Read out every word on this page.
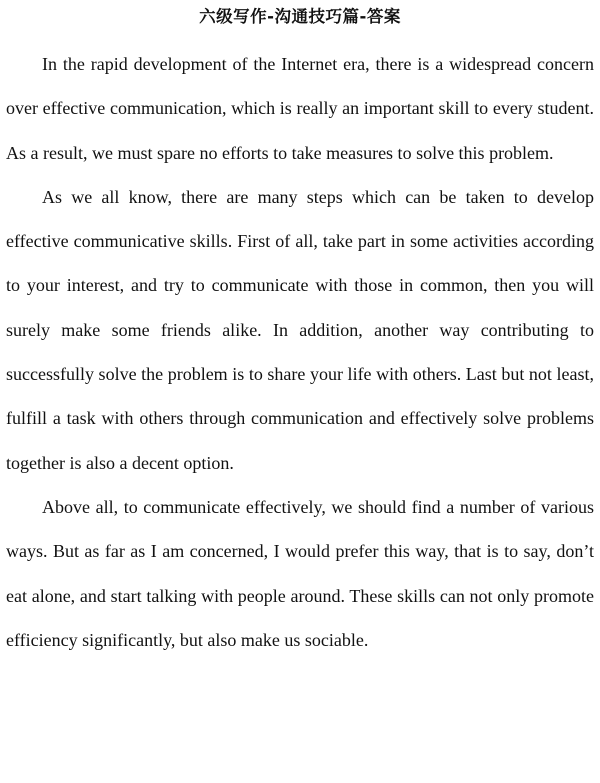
六级写作-沟通技巧篇-答案

In the rapid development of the Internet era, there is a widespread concern over effective communication, which is really an important skill to every student. As a result, we must spare no efforts to take measures to solve this problem.

As we all know, there are many steps which can be taken to develop effective communicative skills. First of all, take part in some activities according to your interest, and try to communicate with those in common, then you will surely make some friends alike. In addition, another way contributing to successfully solve the problem is to share your life with others. Last but not least, fulfill a task with others through communication and effectively solve problems together is also a decent option.

Above all, to communicate effectively, we should find a number of various ways. But as far as I am concerned, I would prefer this way, that is to say, don’t eat alone, and start talking with people around. These skills can not only promote efficiency significantly, but also make us sociable.
